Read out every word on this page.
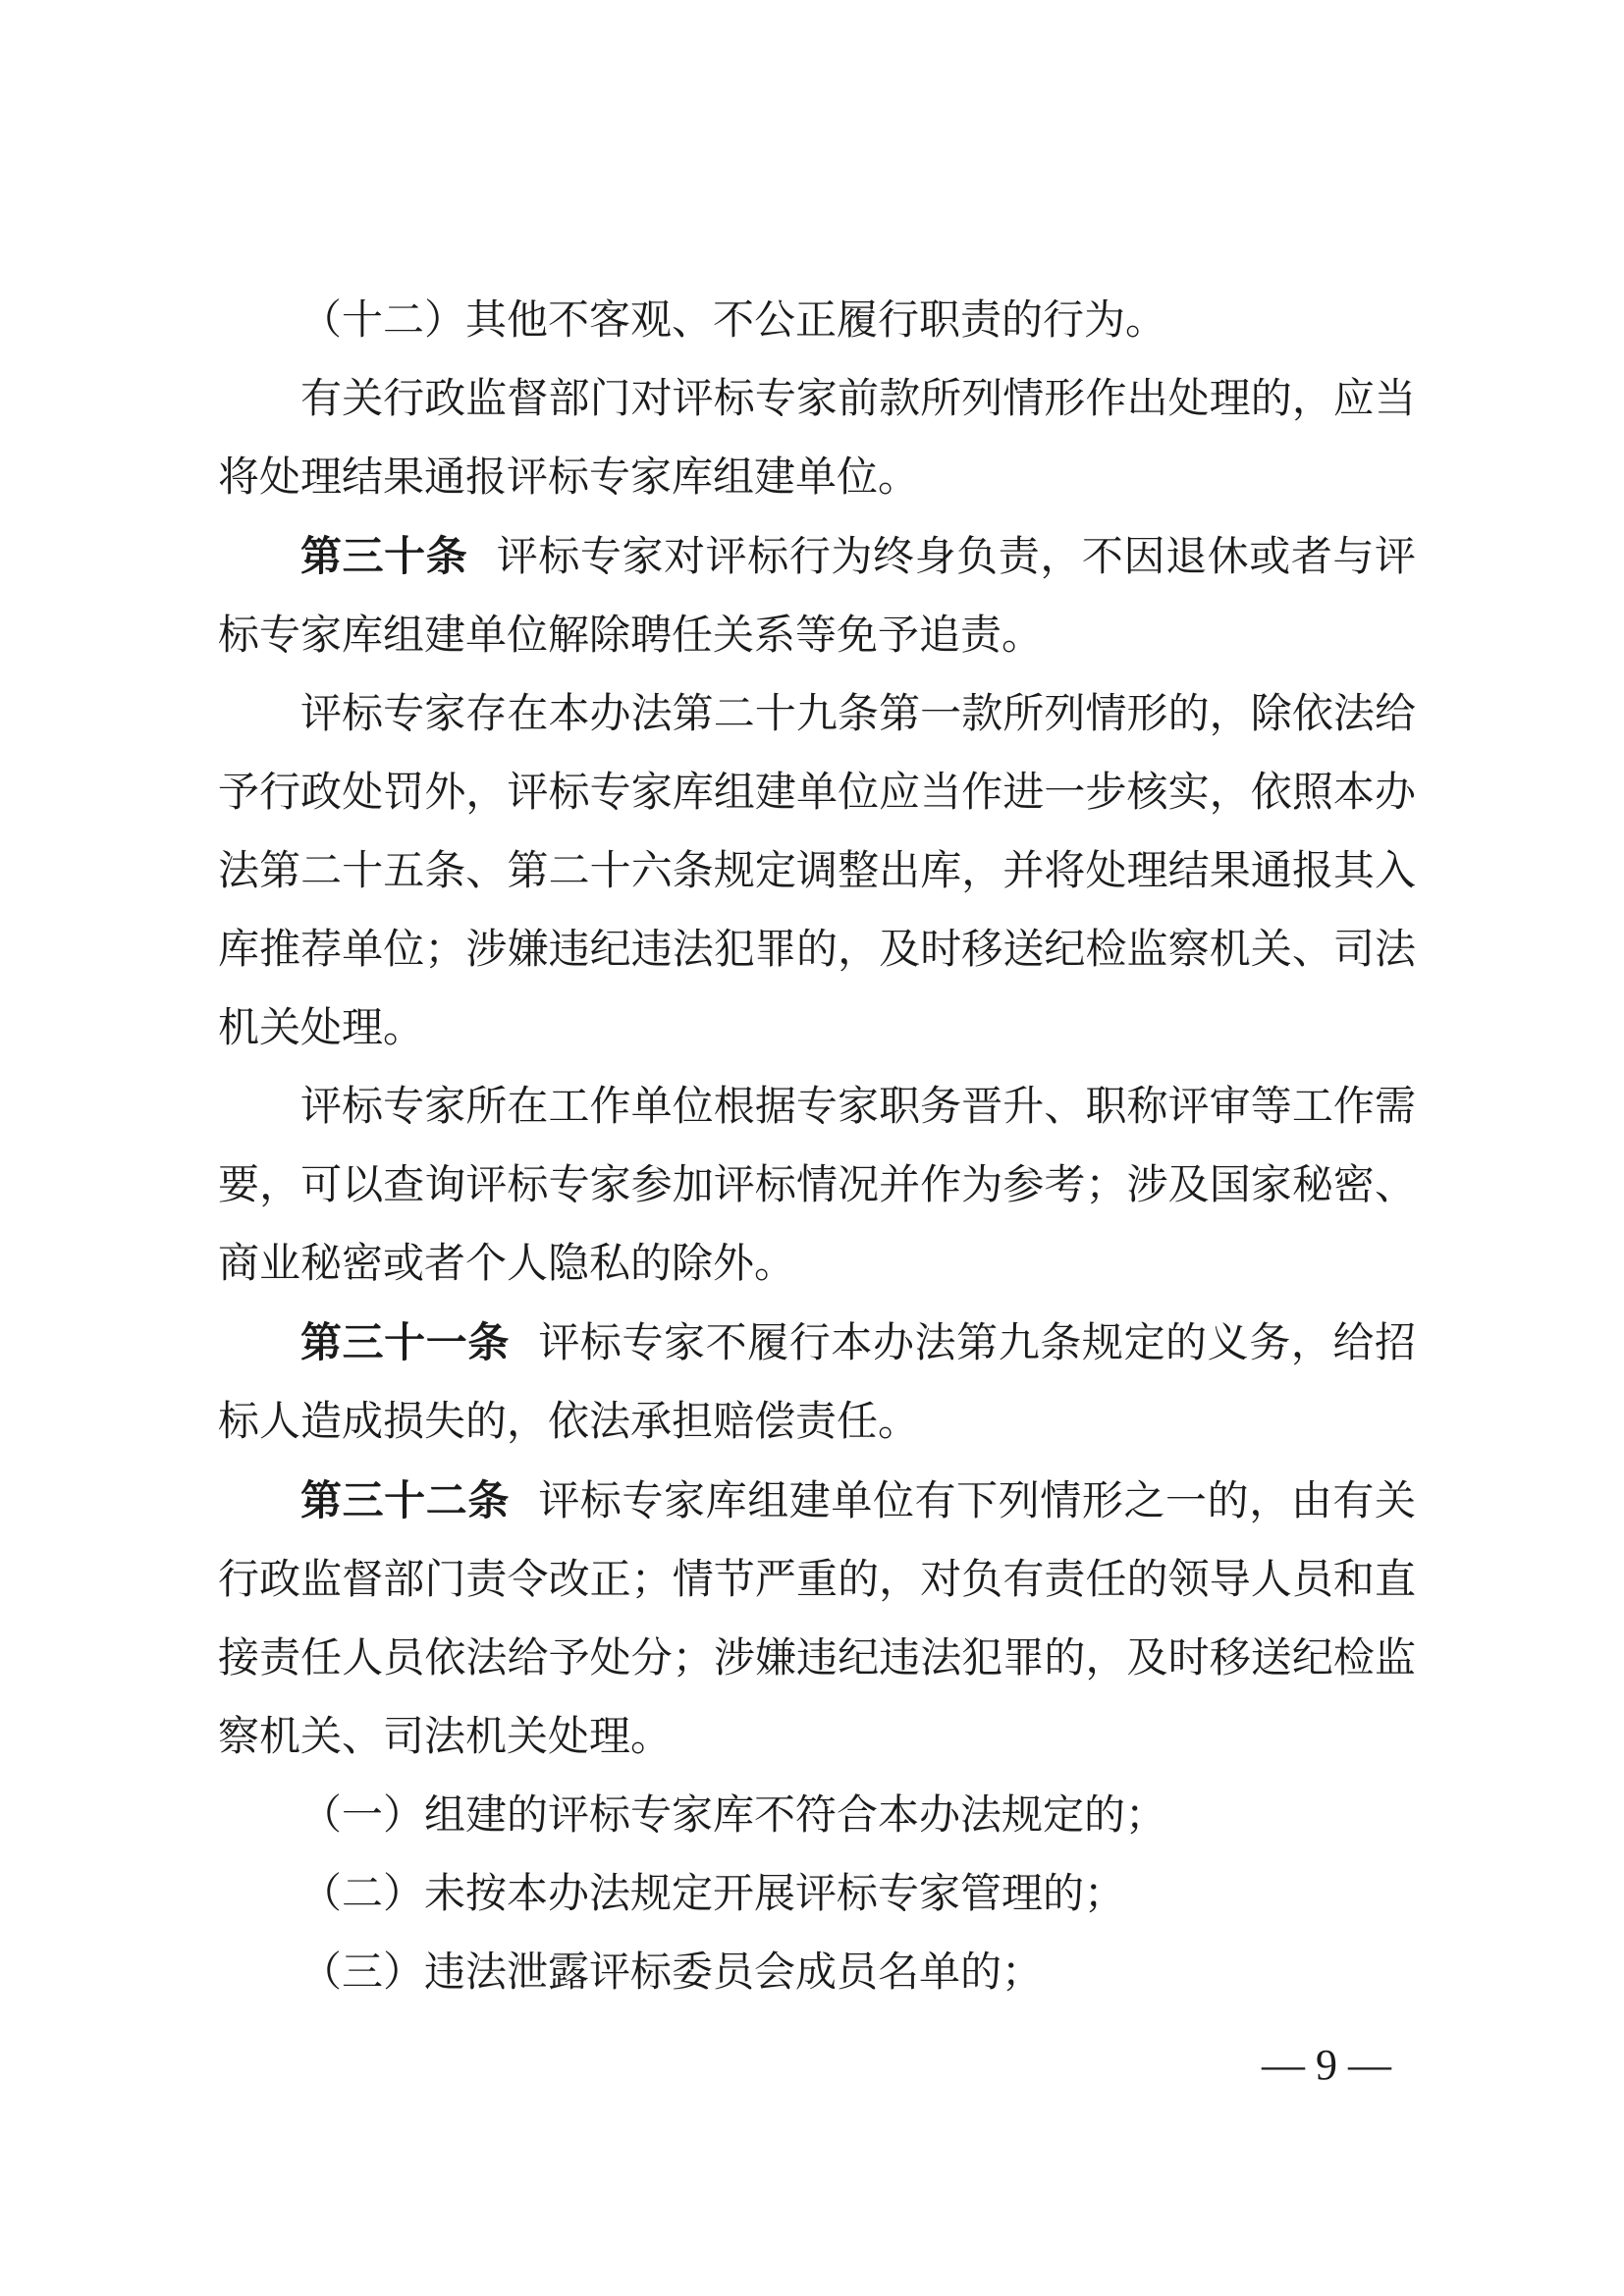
（十二）其他不客观、不公正履行职责的行为。

有关行政监督部门对评标专家前款所列情形作出处理的，应当将处理结果通报评标专家库组建单位。

第三十条 评标专家对评标行为终身负责，不因退休或者与评标专家库组建单位解除聘任关系等免予追责。

评标专家存在本办法第二十九条第一款所列情形的，除依法给予行政处罚外，评标专家库组建单位应当作进一步核实，依照本办法第二十五条、第二十六条规定调整出库，并将处理结果通报其入库推荐单位；涉嫌违纪违法犯罪的，及时移送纪检监察机关、司法机关处理。

评标专家所在工作单位根据专家职务晋升、职称评审等工作需要，可以查询评标专家参加评标情况并作为参考；涉及国家秘密、商业秘密或者个人隐私的除外。

第三十一条 评标专家不履行本办法第九条规定的义务，给招标人造成损失的，依法承担赔偿责任。

第三十二条 评标专家库组建单位有下列情形之一的，由有关行政监督部门责令改正；情节严重的，对负有责任的领导人员和直接责任人员依法给予处分；涉嫌违纪违法犯罪的，及时移送纪检监察机关、司法机关处理。

（一）组建的评标专家库不符合本办法规定的；

（二）未按本办法规定开展评标专家管理的；

（三）违法泄露评标委员会成员名单的；

— 9 —
